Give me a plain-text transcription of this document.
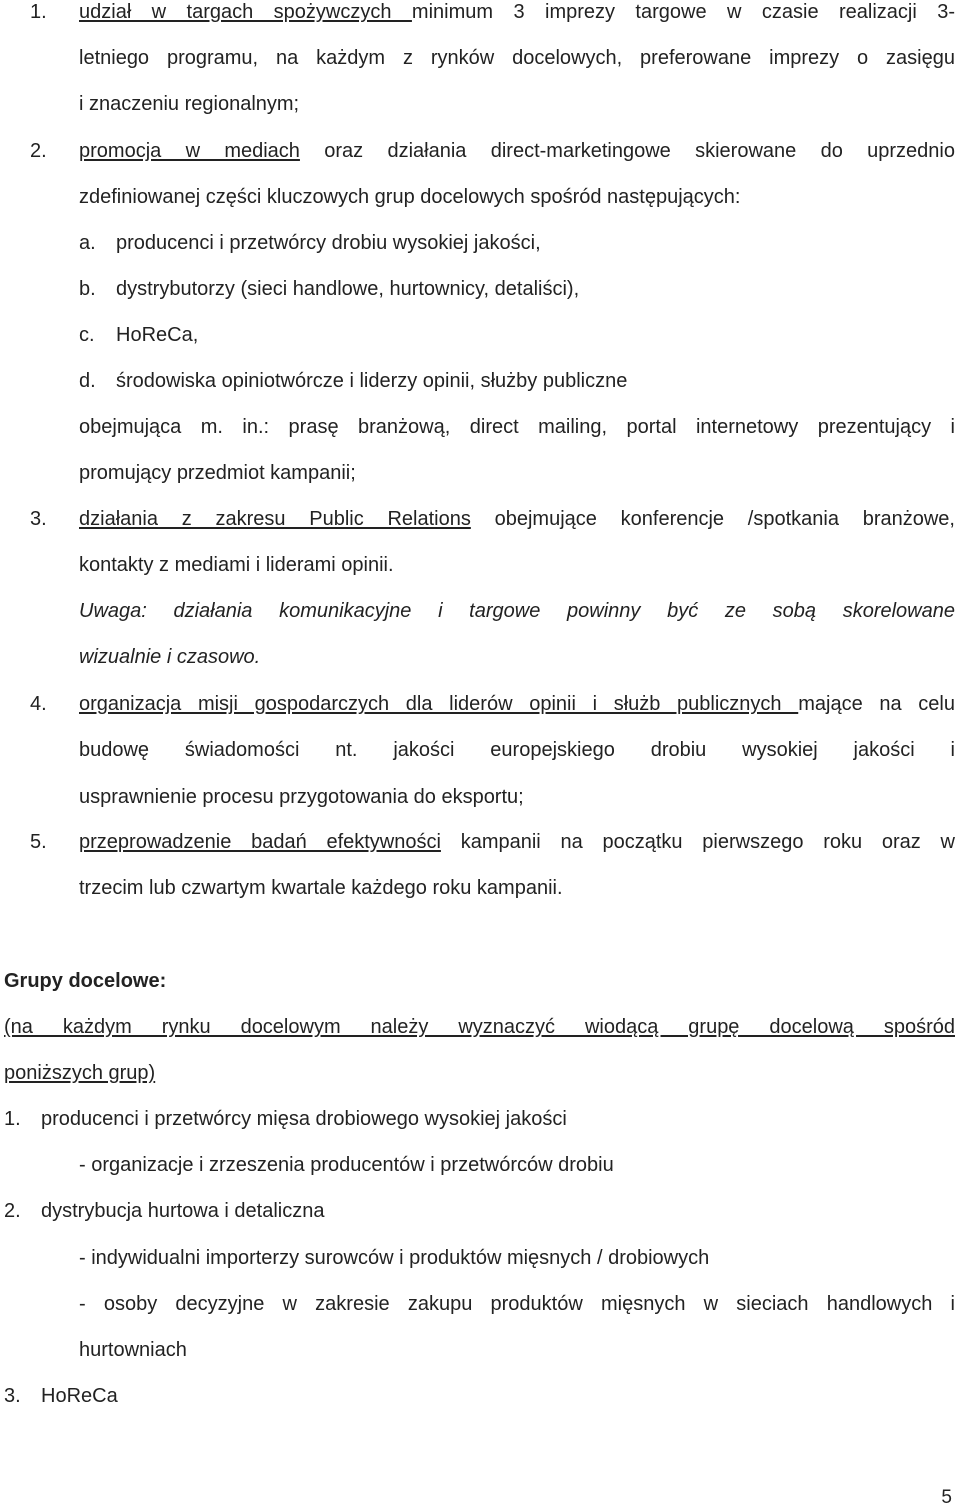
1. udział w targach spożywczych minimum 3 imprezy targowe w czasie realizacji 3-
letniego programu, na każdym z rynków docelowych, preferowane imprezy o zasięgu
i znaczeniu regionalnym;
2. promocja w mediach oraz działania direct-marketingowe skierowane do uprzednio
zdefiniowanej części kluczowych grup docelowych spośród następujących:
a. producenci i przetwórcy drobiu wysokiej jakości,
b. dystrybutorzy (sieci handlowe, hurtownicy, detaliści),
c. HoReCa,
d. środowiska opiniotwórcze i liderzy opinii, służby publiczne
obejmująca m. in.: prasę branżową, direct mailing, portal internetowy prezentujący i
promujący przedmiot kampanii;
3. działania z zakresu Public Relations obejmujące konferencje /spotkania branżowe,
kontakty z mediami i liderami opinii.
Uwaga: działania komunikacyjne i targowe powinny być ze sobą skorelowane
wizualnie i czasowo.
4. organizacja misji gospodarczych dla liderów opinii i służb publicznych mające na celu
budowę świadomości nt. jakości europejskiego drobiu wysokiej jakości i
usprawnienie procesu przygotowania do eksportu;
5. przeprowadzenie badań efektywności kampanii na początku pierwszego roku oraz w
trzecim lub czwartym kwartale każdego roku kampanii.
Grupy docelowe:
(na każdym rynku docelowym należy wyznaczyć wiodącą grupę docelową spośród
poniższych grup)
1. producenci i przetwórcy mięsa drobiowego wysokiej jakości
- organizacje i zrzeszenia producentów i przetwórców drobiu
2. dystrybucja hurtowa i detaliczna
- indywidualni importerzy surowców i produktów mięsnych / drobiowych
- osoby decyzyjne w zakresie zakupu produktów mięsnych w sieciach handlowych i
hurtowniach
3. HoReCa
5
